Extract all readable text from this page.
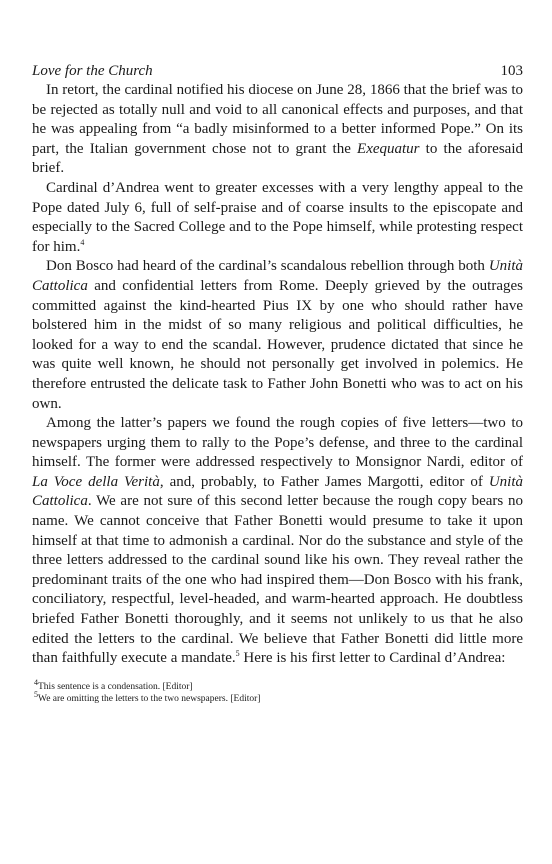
Love for the Church	103

In retort, the cardinal notified his diocese on June 28, 1866 that the brief was to be rejected as totally null and void to all canonical effects and purposes, and that he was appealing from “a badly misinformed to a better informed Pope.” On its part, the Italian government chose not to grant the Exequatur to the aforesaid brief.

Cardinal d’Andrea went to greater excesses with a very lengthy appeal to the Pope dated July 6, full of self-praise and of coarse insults to the episcopate and especially to the Sacred College and to the Pope himself, while protesting respect for him.$^4$

Don Bosco had heard of the cardinal’s scandalous rebellion through both Unità Cattolica and confidential letters from Rome. Deeply grieved by the outrages committed against the kind-hearted Pius IX by one who should rather have bolstered him in the midst of so many religious and political difficulties, he looked for a way to end the scandal. However, prudence dictated that since he was quite well known, he should not personally get involved in polemics. He therefore entrusted the delicate task to Father John Bonetti who was to act on his own.

Among the latter’s papers we found the rough copies of five letters—two to newspapers urging them to rally to the Pope’s defense, and three to the cardinal himself. The former were addressed respectively to Monsignor Nardi, editor of La Voce della Verità, and, probably, to Father James Margotti, editor of Unità Cattolica. We are not sure of this second letter because the rough copy bears no name. We cannot conceive that Father Bonetti would presume to take it upon himself at that time to admonish a cardinal. Nor do the substance and style of the three letters addressed to the cardinal sound like his own. They reveal rather the predominant traits of the one who had inspired them—Don Bosco with his frank, conciliatory, respectful, level-headed, and warm-hearted approach. He doubtless briefed Father Bonetti thoroughly, and it seems not unlikely to us that he also edited the letters to the cardinal. We believe that Father Bonetti did little more than faithfully execute a mandate.$^5$ Here is his first letter to Cardinal d’Andrea:

$^4$This sentence is a condensation. [Editor]

$^5$We are omitting the letters to the two newspapers. [Editor]
